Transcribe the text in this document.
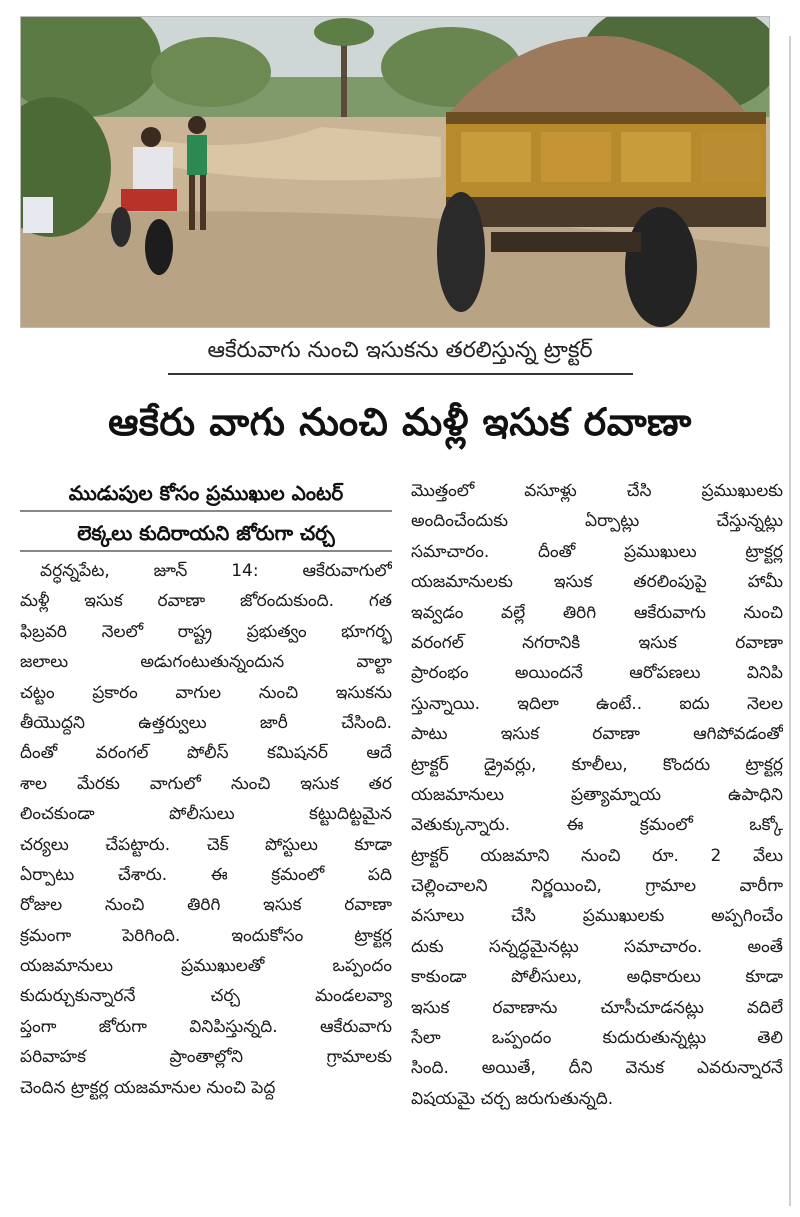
ఆకేరువాగు నుంచి ఇసుకను తరలిస్తున్న ట్రాక్టర్
ఆకేరు వాగు నుంచి మళ్లీ ఇసుక రవాణా
ముడుపుల కోసం ప్రముఖుల ఎంటర్
లెక్కలు కుదిరాయని జోరుగా చర్చ
వర్ధన్నపేట, జూన్ 14: ఆకేరువాగులో
మళ్లీ ఇసుక రవాణా జోరందుకుంది. గత
ఫిబ్రవరి నెలలో రాష్ట్ర ప్రభుత్వం భూగర్భ
జలాలు అడుగంటుతున్నందున వాల్టా
చట్టం ప్రకారం వాగుల నుంచి ఇసుకను
తీయొద్దని ఉత్తర్వులు జారీ చేసింది.
దీంతో వరంగల్ పోలీస్ కమిషనర్ ఆదే
శాల మేరకు వాగులో నుంచి ఇసుక తర
లించకుండా పోలీసులు కట్టుదిట్టమైన
చర్యలు చేపట్టారు. చెక్ పోస్టులు కూడా
ఏర్పాటు చేశారు. ఈ క్రమంలో పది
రోజుల నుంచి తిరిగి ఇసుక రవాణా
క్రమంగా పెరిగింది. ఇందుకోసం ట్రాక్టర్ల
యజమానులు ప్రముఖులతో ఒప్పందం
కుదుర్చుకున్నారనే చర్చ మండలవ్యా
ప్తంగా జోరుగా వినిపిస్తున్నది. ఆకేరువాగు
పరివాహక ప్రాంతాల్లోని గ్రామాలకు
చెందిన ట్రాక్టర్ల యజమానుల నుంచి పెద్ద
మొత్తంలో వసూళ్లు చేసి ప్రముఖులకు
అందించేందుకు ఏర్పాట్లు చేస్తున్నట్లు
సమాచారం. దీంతో ప్రముఖులు ట్రాక్టర్ల
యజమానులకు ఇసుక తరలింపుపై హామీ
ఇవ్వడం వల్లే తిరిగి ఆకేరువాగు నుంచి
వరంగల్ నగరానికి ఇసుక రవాణా
ప్రారంభం అయిందనే ఆరోపణలు వినిపి
స్తున్నాయి. ఇదిలా ఉంటే.. ఐదు నెలల
పాటు ఇసుక రవాణా ఆగిపోవడంతో
ట్రాక్టర్ డ్రైవర్లు, కూలీలు, కొందరు ట్రాక్టర్ల
యజమానులు ప్రత్యామ్నాయ ఉపాధిని
వెతుక్కున్నారు. ఈ క్రమంలో ఒక్కో
ట్రాక్టర్ యజమాని నుంచి రూ. 2 వేలు
చెల్లించాలని నిర్ణయించి, గ్రామాల వారీగా
వసూలు చేసి ప్రముఖులకు అప్పగించేం
దుకు సన్నద్ధమైనట్లు సమాచారం. అంతే
కాకుండా పోలీసులు, అధికారులు కూడా
ఇసుక రవాణాను చూసీచూడనట్లు వదిలే
సేలా ఒప్పందం కుదురుతున్నట్లు తెలి
సింది. అయితే, దీని వెనుక ఎవరున్నారనే
విషయమై చర్చ జరుగుతున్నది.
